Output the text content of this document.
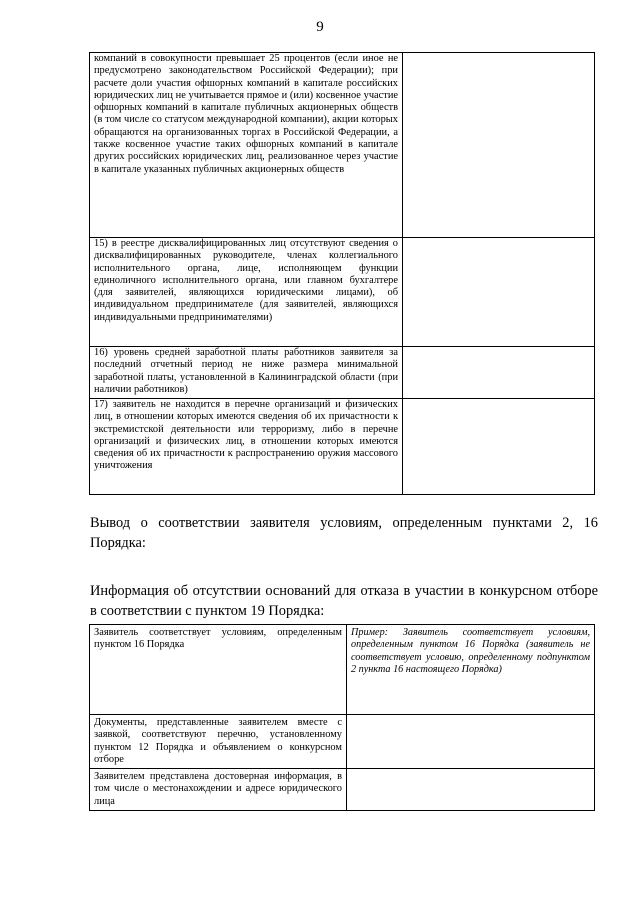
9
компаний в совокупности превышает 25 процентов (если иное не предусмотрено законодательством Российской Федерации); при расчете доли участия офшорных компаний в капитале российских юридических лиц не учитывается прямое и (или) косвенное участие офшорных компаний в капитале публичных акционерных обществ (в том числе со статусом международной компании), акции которых обращаются на организованных торгах в Российской Федерации, а также косвенное участие таких офшорных компаний в капитале других российских юридических лиц, реализованное через участие в капитале указанных публичных акционерных обществ	
15) в реестре дисквалифицированных лиц отсутствуют сведения о дисквалифицированных руководителе, членах коллегиального исполнительного органа, лице, исполняющем функции единоличного исполнительного органа, или главном бухгалтере (для заявителей, являющихся юридическими лицами), об индивидуальном предпринимателе (для заявителей, являющихся индивидуальными предпринимателями)	
16) уровень средней заработной платы работников заявителя за последний отчетный период не ниже размера минимальной заработной платы, установленной в Калининградской области (при наличии работников)	
17) заявитель не находится в перечне организаций и физических лиц, в отношении которых имеются сведения об их причастности к экстремистской деятельности или терроризму, либо в перечне организаций и физических лиц, в отношении которых имеются сведения об их причастности к распространению оружия массового уничтожения	
Вывод о соответствии заявителя условиям, определенным пунктами 2, 16 Порядка:
Информация об отсутствии оснований для отказа в участии в конкурсном отборе в соответствии с пунктом 19 Порядка:
Заявитель соответствует условиям, определенным пунктом 16 Порядка	Пример: Заявитель соответствует условиям, определенным пунктом 16 Порядка (заявитель не соответствует условию, определенному подпунктом 2 пункта 16 настоящего Порядка)
Документы, представленные заявителем вместе с заявкой, соответствуют перечню, установленному пунктом 12 Порядка и объявлением о конкурсном отборе	
Заявителем представлена достоверная информация, в том числе о местонахождении и адресе юридического лица	
